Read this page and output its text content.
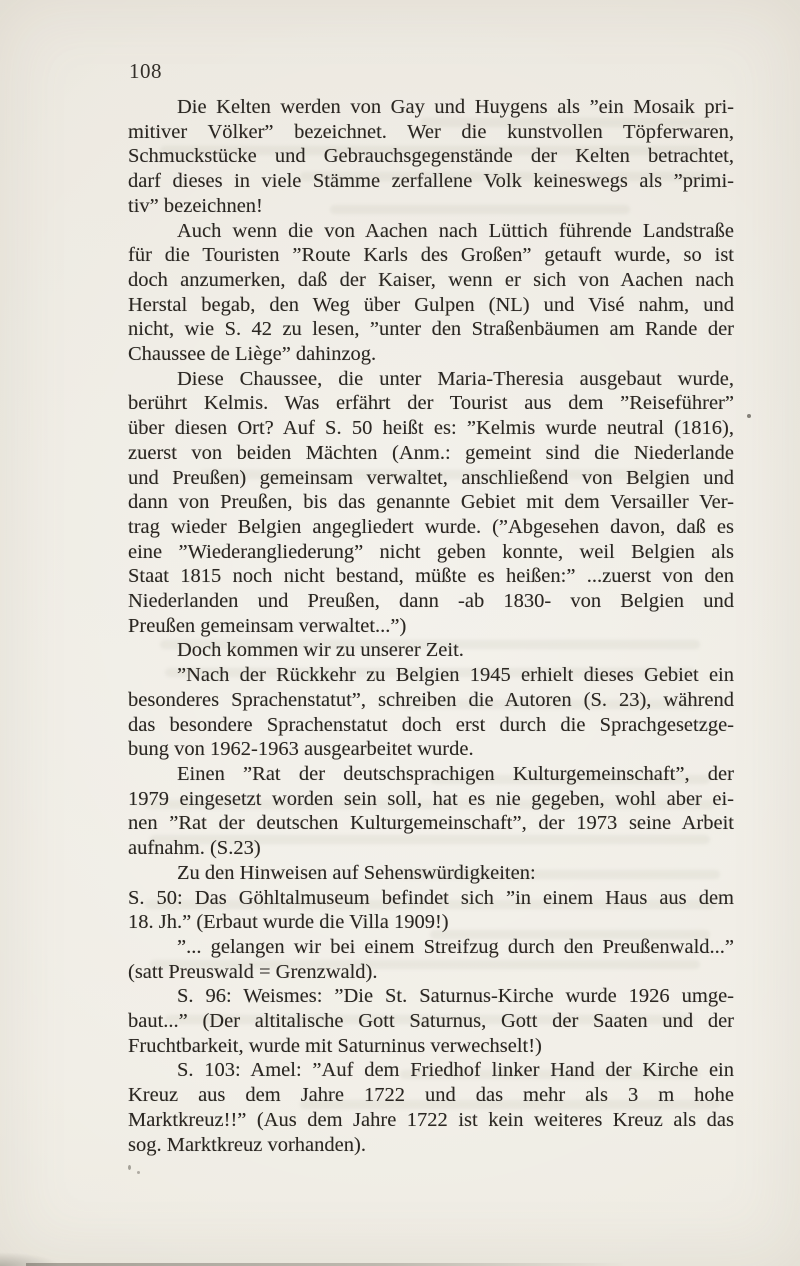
108
Die Kelten werden von Gay und Huygens als ”ein Mosaik pri-
mitiver Völker” bezeichnet. Wer die kunstvollen Töpferwaren,
Schmuckstücke und Gebrauchsgegenstände der Kelten betrachtet,
darf dieses in viele Stämme zerfallene Volk keineswegs als ”primi-
tiv” bezeichnen!
Auch wenn die von Aachen nach Lüttich führende Landstraße
für die Touristen ”Route Karls des Großen” getauft wurde, so ist
doch anzumerken, daß der Kaiser, wenn er sich von Aachen nach
Herstal begab, den Weg über Gulpen (NL) und Visé nahm, und
nicht, wie S. 42 zu lesen, ”unter den Straßenbäumen am Rande der
Chaussee de Liège” dahinzog.
Diese Chaussee, die unter Maria-Theresia ausgebaut wurde,
berührt Kelmis. Was erfährt der Tourist aus dem ”Reiseführer”
über diesen Ort? Auf S. 50 heißt es: ”Kelmis wurde neutral (1816),
zuerst von beiden Mächten (Anm.: gemeint sind die Niederlande
und Preußen) gemeinsam verwaltet, anschließend von Belgien und
dann von Preußen, bis das genannte Gebiet mit dem Versailler Ver-
trag wieder Belgien angegliedert wurde. (”Abgesehen davon, daß es
eine ”Wiederangliederung” nicht geben konnte, weil Belgien als
Staat 1815 noch nicht bestand, müßte es heißen:” ...zuerst von den
Niederlanden und Preußen, dann -ab 1830- von Belgien und
Preußen gemeinsam verwaltet...”)
Doch kommen wir zu unserer Zeit.
”Nach der Rückkehr zu Belgien 1945 erhielt dieses Gebiet ein
besonderes Sprachenstatut”, schreiben die Autoren (S. 23), während
das besondere Sprachenstatut doch erst durch die Sprachgesetzge-
bung von 1962-1963 ausgearbeitet wurde.
Einen ”Rat der deutschsprachigen Kulturgemeinschaft”, der
1979 eingesetzt worden sein soll, hat es nie gegeben, wohl aber ei-
nen ”Rat der deutschen Kulturgemeinschaft”, der 1973 seine Arbeit
aufnahm. (S.23)
Zu den Hinweisen auf Sehenswürdigkeiten:
S. 50: Das Göhltalmuseum befindet sich ”in einem Haus aus dem
18. Jh.” (Erbaut wurde die Villa 1909!)
”... gelangen wir bei einem Streifzug durch den Preußenwald...”
(satt Preuswald = Grenzwald).
S. 96: Weismes: ”Die St. Saturnus-Kirche wurde 1926 umge-
baut...” (Der altitalische Gott Saturnus, Gott der Saaten und der
Fruchtbarkeit, wurde mit Saturninus verwechselt!)
S. 103: Amel: ”Auf dem Friedhof linker Hand der Kirche ein
Kreuz aus dem Jahre 1722 und das mehr als 3 m hohe
Marktkreuz!!” (Aus dem Jahre 1722 ist kein weiteres Kreuz als das
sog. Marktkreuz vorhanden).
